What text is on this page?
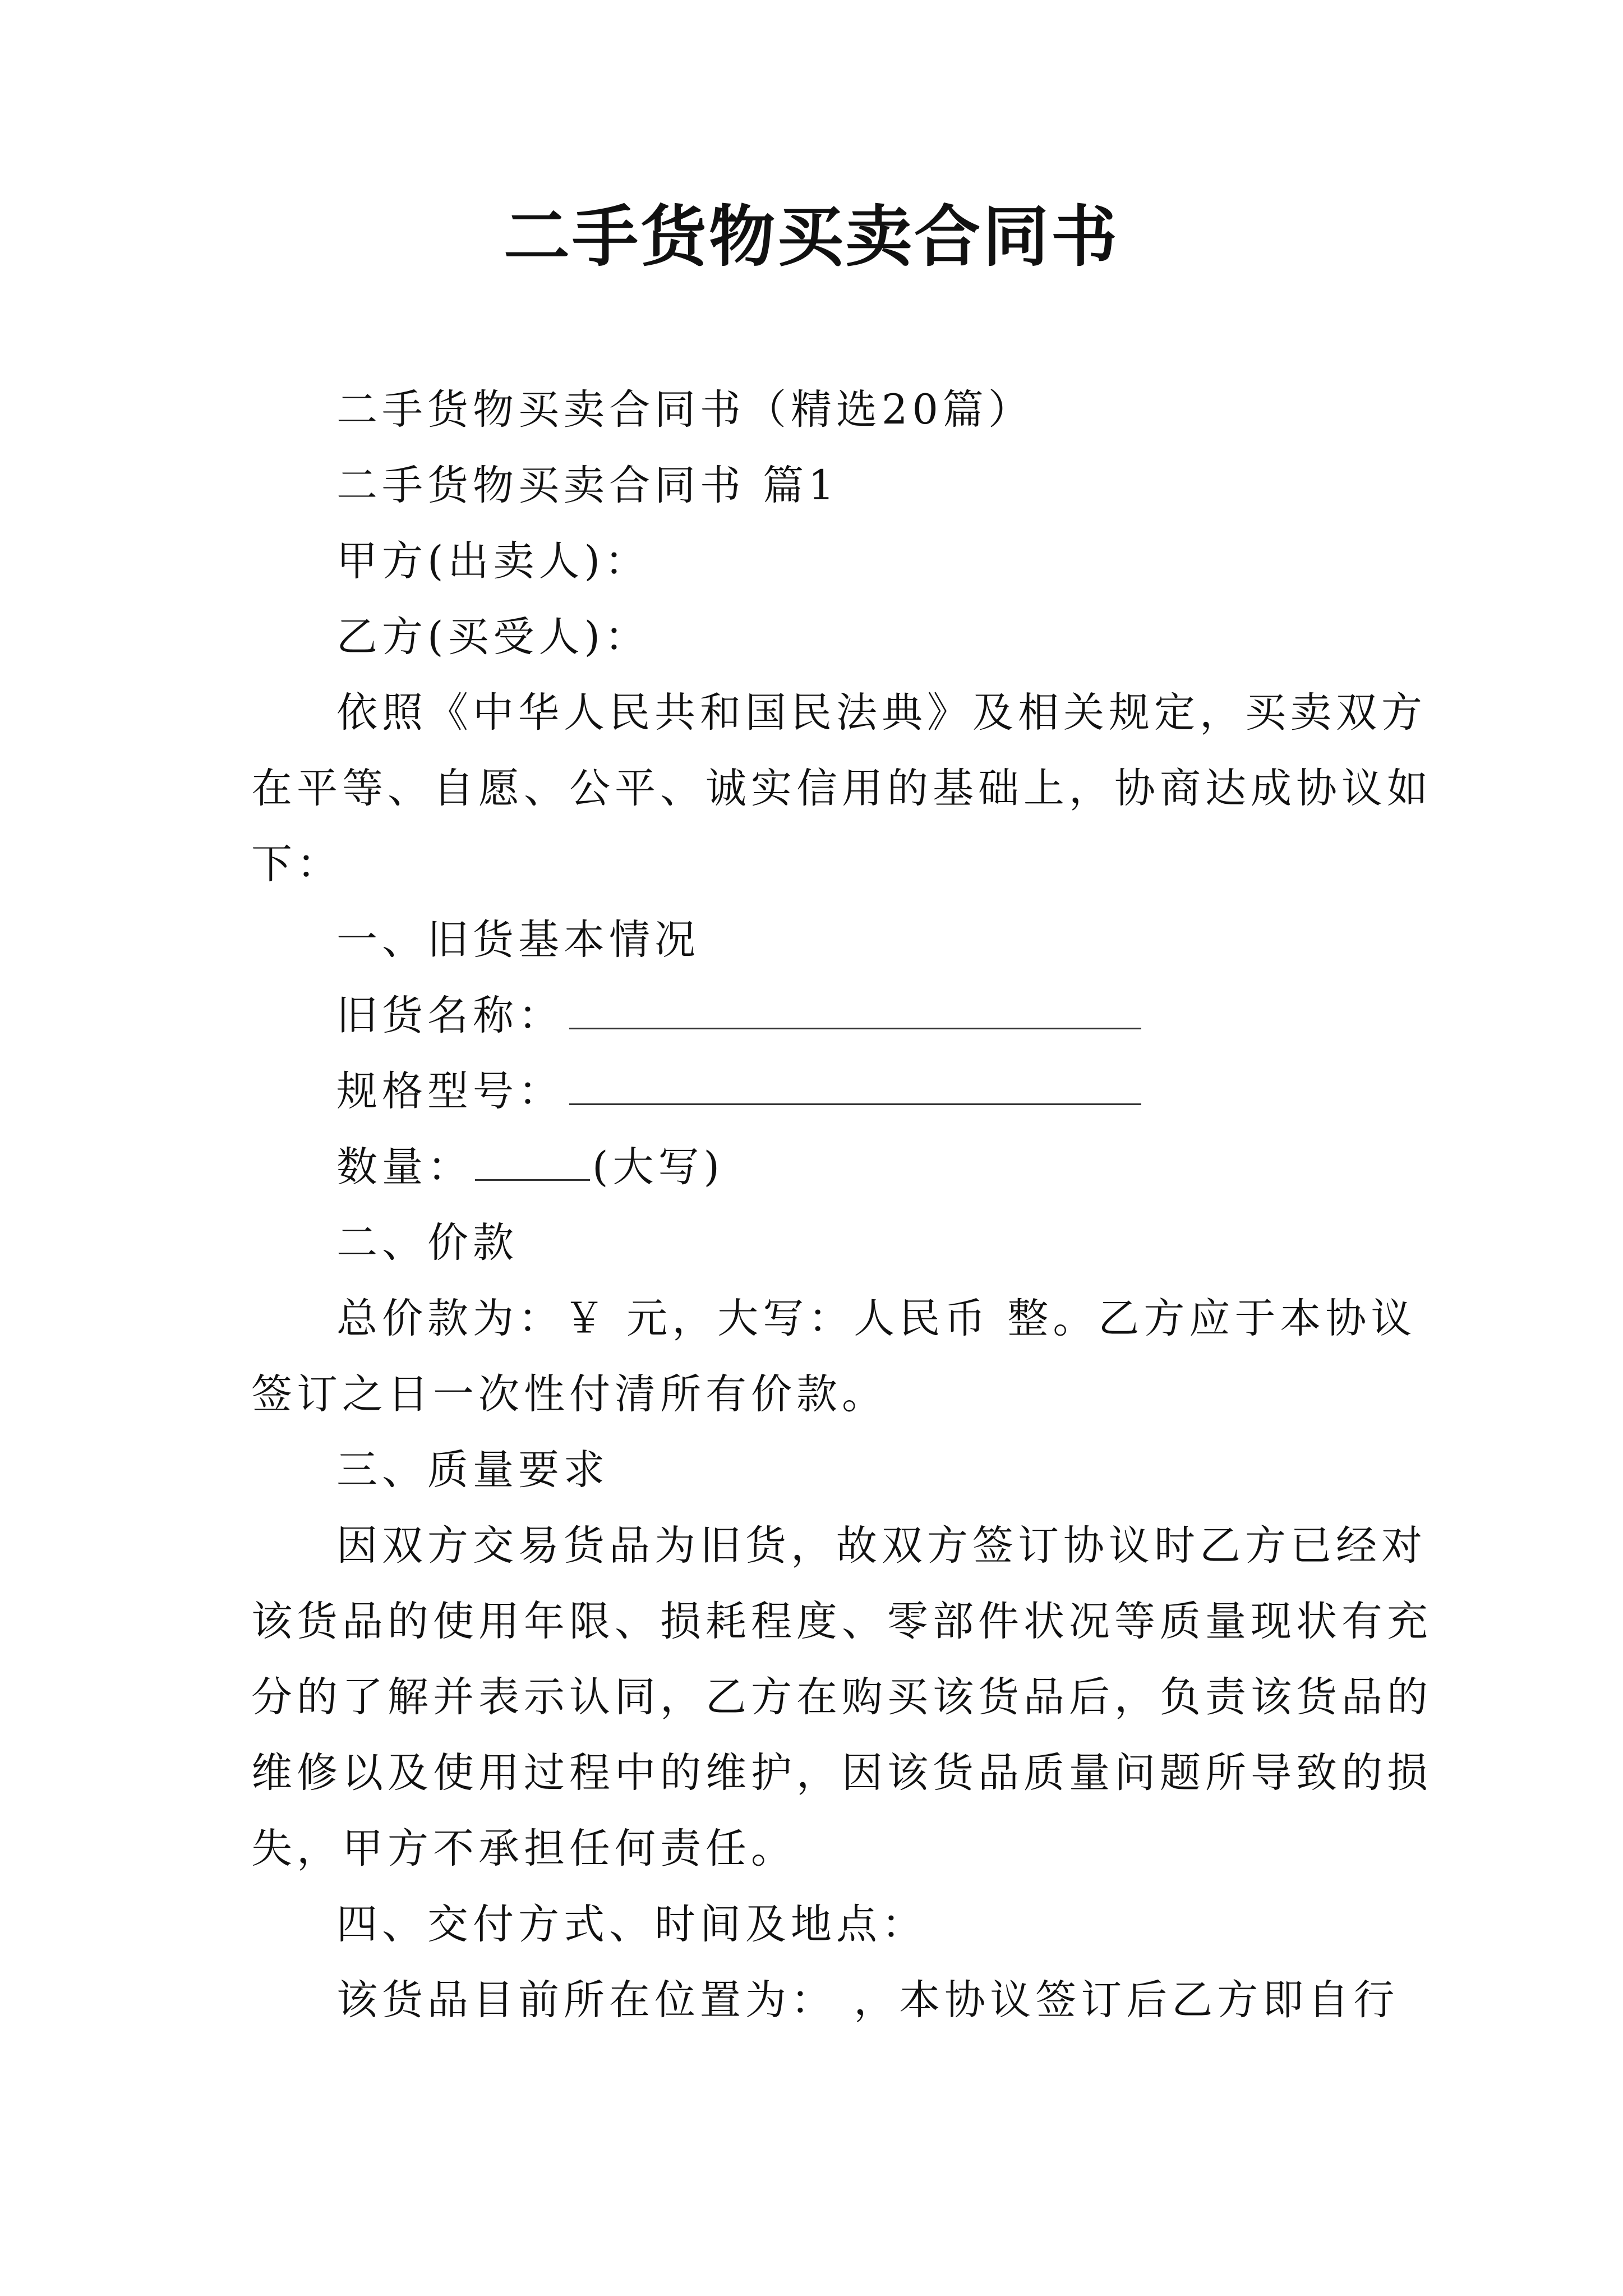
二手货物买卖合同书
二手货物买卖合同书（精选20篇）
二手货物买卖合同书 篇1
甲方(出卖人)：
乙方(买受人)：
依照《中华人民共和国民法典》及相关规定，买卖双方
在平等、自愿、公平、诚实信用的基础上，协商达成协议如
下：
一、旧货基本情况
旧货名称：
规格型号：
数量：	(大写)
二、价款
总价款为：￥ 元，大写：人民币 整。乙方应于本协议
签订之日一次性付清所有价款。
三、质量要求
因双方交易货品为旧货，故双方签订协议时乙方已经对
该货品的使用年限、损耗程度、零部件状况等质量现状有充
分的了解并表示认同，乙方在购买该货品后，负责该货品的
维修以及使用过程中的维护，因该货品质量问题所导致的损
失，甲方不承担任何责任。
四、交付方式、时间及地点：
该货品目前所在位置为： ，本协议签订后乙方即自行
